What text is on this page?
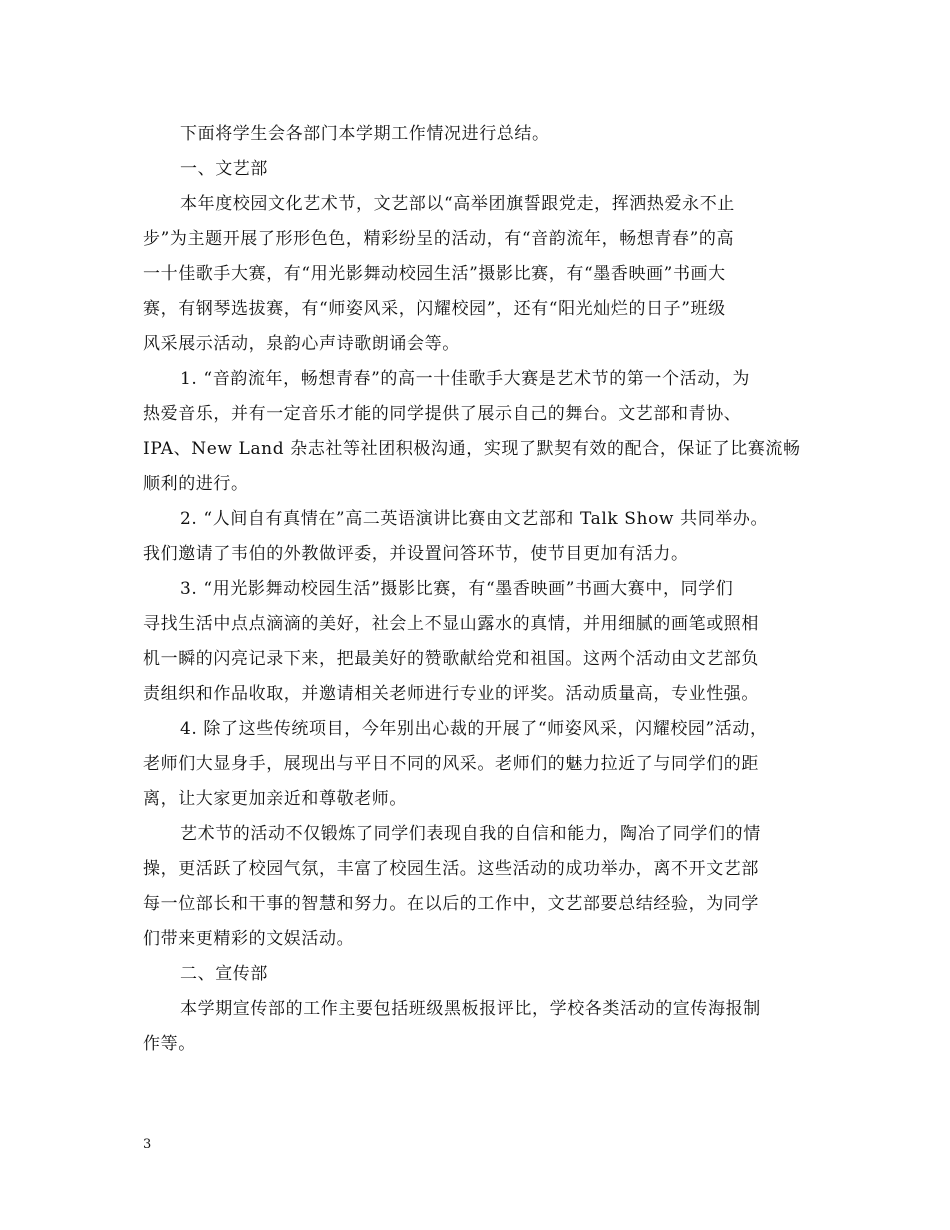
下面将学生会各部门本学期工作情况进行总结。
一、文艺部
本年度校园文化艺术节，文艺部以“高举团旗誓跟党走，挥洒热爱永不止
步”为主题开展了形形色色，精彩纷呈的活动，有“音韵流年，畅想青春”的高
一十佳歌手大赛，有“用光影舞动校园生活”摄影比赛，有“墨香映画”书画大
赛，有钢琴选拔赛，有“师姿风采，闪耀校园”，还有“阳光灿烂的日子”班级
风采展示活动，泉韵心声诗歌朗诵会等。
1. “音韵流年，畅想青春”的高一十佳歌手大赛是艺术节的第一个活动，为
热爱音乐，并有一定音乐才能的同学提供了展示自己的舞台。文艺部和青协、
IPA、New Land 杂志社等社团积极沟通，实现了默契有效的配合，保证了比赛流畅
顺利的进行。
2. “人间自有真情在”高二英语演讲比赛由文艺部和 Talk Show 共同举办。
我们邀请了韦伯的外教做评委，并设置问答环节，使节目更加有活力。
3. “用光影舞动校园生活”摄影比赛，有“墨香映画”书画大赛中，同学们
寻找生活中点点滴滴的美好，社会上不显山露水的真情，并用细腻的画笔或照相
机一瞬的闪亮记录下来，把最美好的赞歌献给党和祖国。这两个活动由文艺部负
责组织和作品收取，并邀请相关老师进行专业的评奖。活动质量高，专业性强。
4. 除了这些传统项目，今年别出心裁的开展了“师姿风采，闪耀校园”活动，
老师们大显身手，展现出与平日不同的风采。老师们的魅力拉近了与同学们的距
离，让大家更加亲近和尊敬老师。
艺术节的活动不仅锻炼了同学们表现自我的自信和能力，陶冶了同学们的情
操，更活跃了校园气氛，丰富了校园生活。这些活动的成功举办，离不开文艺部
每一位部长和干事的智慧和努力。在以后的工作中，文艺部要总结经验，为同学
们带来更精彩的文娱活动。
二、宣传部
本学期宣传部的工作主要包括班级黑板报评比，学校各类活动的宣传海报制
作等。
3
